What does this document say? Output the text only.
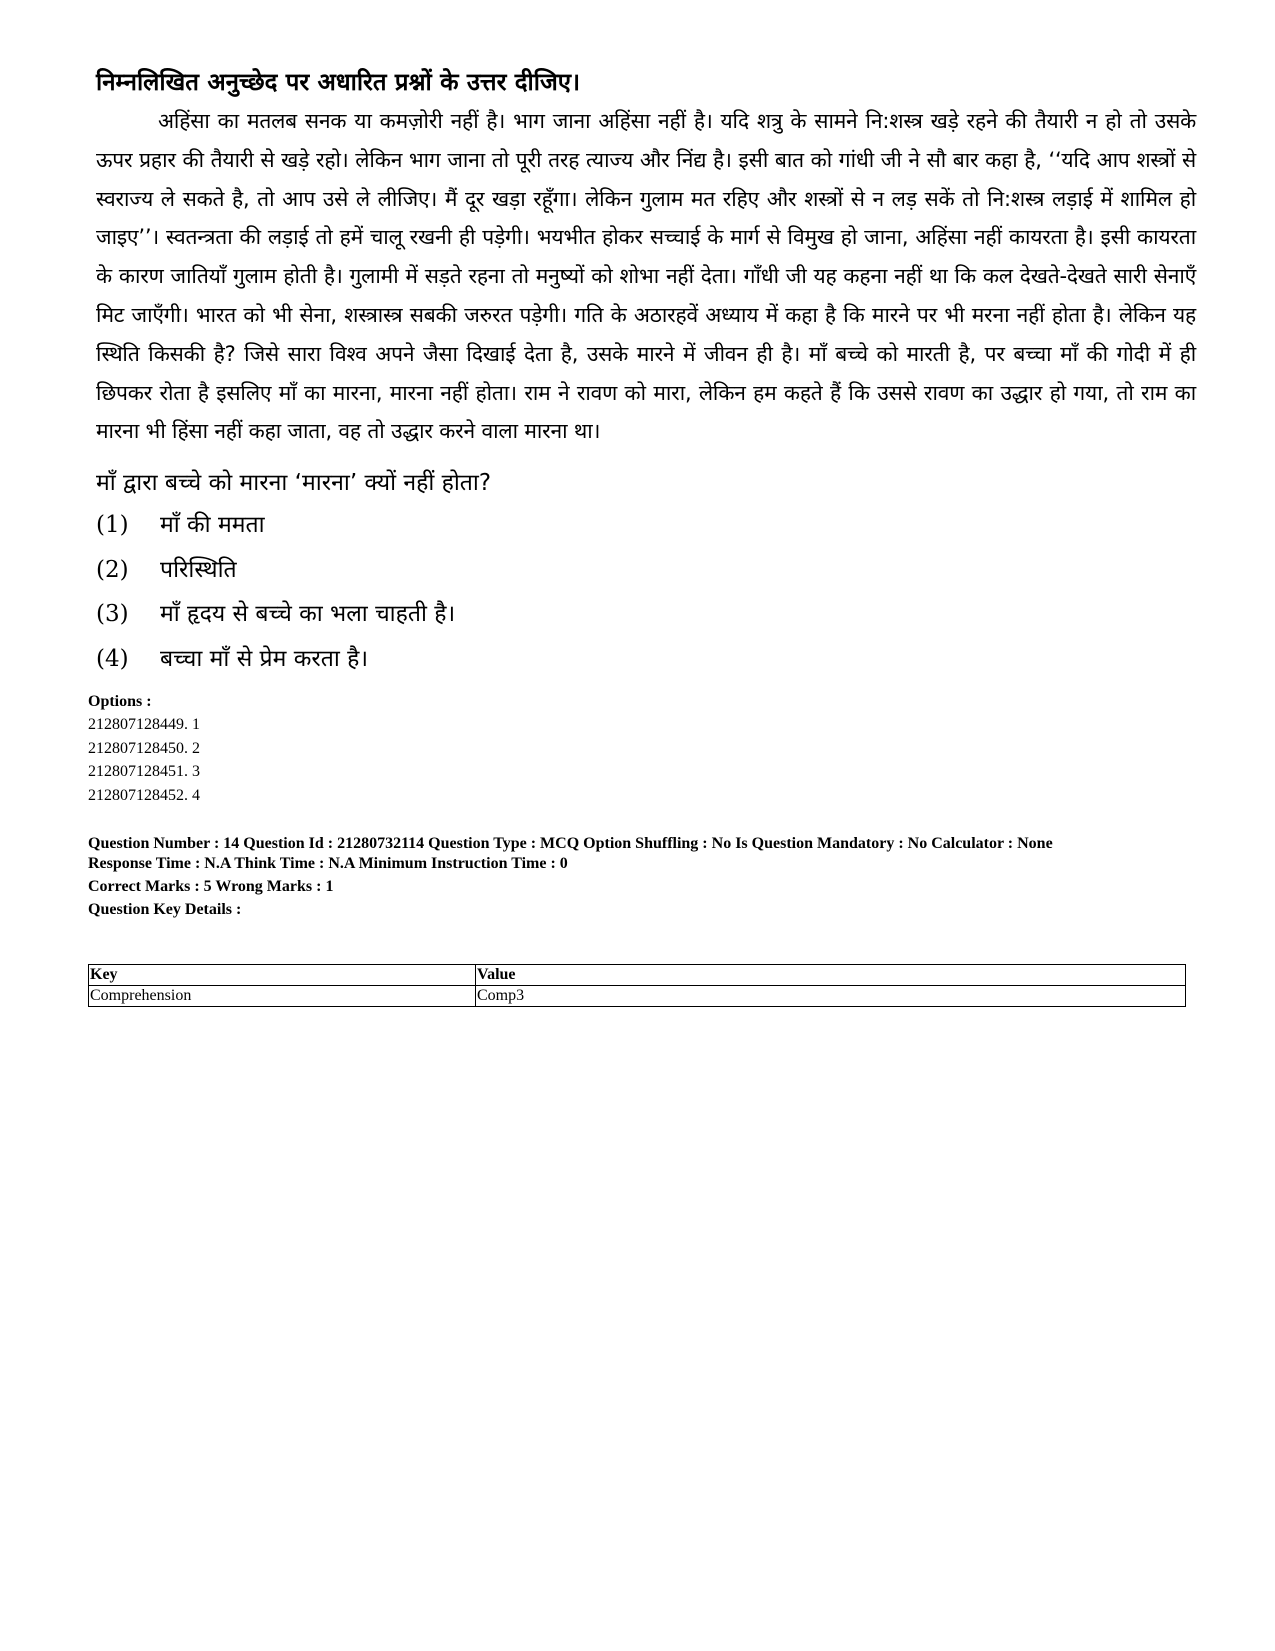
निम्नलिखित अनुच्छेद पर अधारित प्रश्नों के उत्तर दीजिए।

अहिंसा का मतलब सनक या कमज़ोरी नहीं है। भाग जाना अहिंसा नहीं है। यदि शत्रु के सामने नि:शस्त्र खड़े रहने की तैयारी न हो तो उसके ऊपर प्रहार की तैयारी से खड़े रहो। लेकिन भाग जाना तो पूरी तरह त्याज्य और निंद्य है। इसी बात को गांधी जी ने सौ बार कहा है, ‘‘यदि आप शस्त्रों से स्वराज्य ले सकते है, तो आप उसे ले लीजिए। मैं दूर खड़ा रहूँगा। लेकिन गुलाम मत रहिए और शस्त्रों से न लड़ सकें तो नि:शस्त्र लड़ाई में शामिल हो जाइए’’। स्वतन्त्रता की लड़ाई तो हमें चालू रखनी ही पड़ेगी। भयभीत होकर सच्चाई के मार्ग से विमुख हो जाना, अहिंसा नहीं कायरता है। इसी कायरता के कारण जातियाँ गुलाम होती है। गुलामी में सड़ते रहना तो मनुष्यों को शोभा नहीं देता। गाँधी जी यह कहना नहीं था कि कल देखते-देखते सारी सेनाएँ मिट जाएँगी। भारत को भी सेना, शस्त्रास्त्र सबकी जरुरत पड़ेगी। गति के अठारहवें अध्याय में कहा है कि मारने पर भी मरना नहीं होता है। लेकिन यह स्थिति किसकी है? जिसे सारा विश्व अपने जैसा दिखाई देता है, उसके मारने में जीवन ही है। माँ बच्चे को मारती है, पर बच्चा माँ की गोदी में ही छिपकर रोता है इसलिए माँ का मारना, मारना नहीं होता। राम ने रावण को मारा, लेकिन हम कहते हैं कि उससे रावण का उद्धार हो गया, तो राम का मारना भी हिंसा नहीं कहा जाता, वह तो उद्धार करने वाला मारना था।

माँ द्वारा बच्चे को मारना ‘मारना’ क्यों नहीं होता?

(1)	माँ की ममता
(2)	परिस्थिति
(3)	माँ हृदय से बच्चे का भला चाहती है।
(4)	बच्चा माँ से प्रेम करता है।
Options :
212807128449. 1
212807128450. 2
212807128451. 3
212807128452. 4
Question Number : 14 Question Id : 21280732114 Question Type : MCQ Option Shuffling : No Is Question Mandatory : No Calculator : None
Response Time : N.A Think Time : N.A Minimum Instruction Time : 0
Correct Marks : 5 Wrong Marks : 1
Question Key Details :
Key	Value
Comprehension	Comp3
